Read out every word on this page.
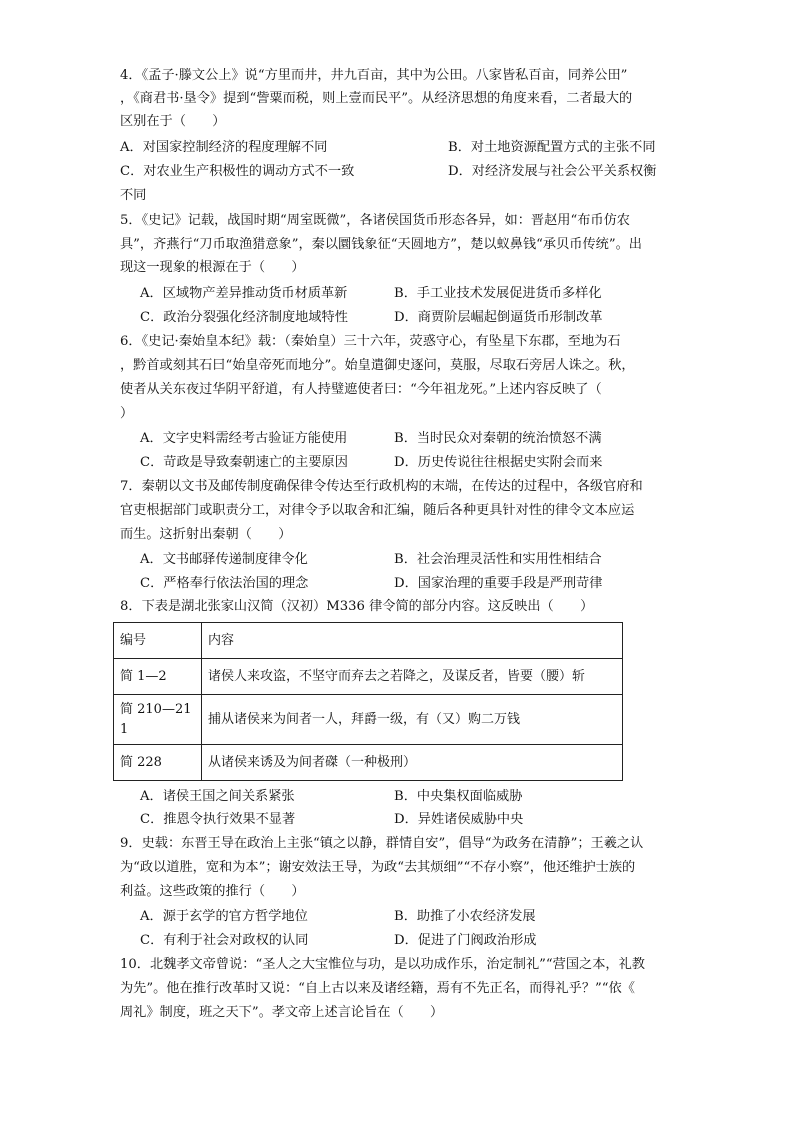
4．《孟子·滕文公上》说“方里而井，井九百亩，其中为公田。八家皆私百亩，同养公田”
，《商君书·垦令》提到“訾粟而税，则上壹而民平”。从经济思想的角度来看，二者最大的
区别在于（　　）
A．对国家控制经济的程度理解不同	B．对土地资源配置方式的主张不同
C．对农业生产积极性的调动方式不一致	D．对经济发展与社会公平关系权衡
不同
5．《史记》记载，战国时期“周室既微”，各诸侯国货币形态各异，如：晋赵用“布币仿农
具”，齐燕行“刀币取渔猎意象”，秦以圜钱象征“天圆地方”，楚以蚁鼻钱“承贝币传统”。出
现这一现象的根源在于（　　）
A．区域物产差异推动货币材质革新	B．手工业技术发展促进货币多样化
C．政治分裂强化经济制度地域特性	D．商贾阶层崛起倒逼货币形制改革
6．《史记·秦始皇本纪》载：（秦始皇）三十六年，荧惑守心，有坠星下东郡，至地为石
，黔首或刻其石曰“始皇帝死而地分”。始皇遣御史逐问，莫服，尽取石旁居人诛之。秋，
使者从关东夜过华阴平舒道，有人持璧遮使者曰：“今年祖龙死。”上述内容反映了（
）
A．文字史料需经考古验证方能使用	B．当时民众对秦朝的统治愤怒不满
C．苛政是导致秦朝速亡的主要原因	D．历史传说往往根据史实附会而来
7．秦朝以文书及邮传制度确保律令传达至行政机构的末端，在传达的过程中，各级官府和
官吏根据部门或职责分工，对律令予以取舍和汇编，随后各种更具针对性的律令文本应运
而生。这折射出秦朝（　　）
A．文书邮驿传递制度律令化	B．社会治理灵活性和实用性相结合
C．严格奉行依法治国的理念	D．国家治理的重要手段是严刑苛律
8．下表是湖北张家山汉简（汉初）M336 律令简的部分内容。这反映出（　　）
编号	内容
简 1—2	诸侯人来攻盗，不坚守而弃去之若降之，及谋反者，皆要（腰）斩
简 210—211	捕从诸侯来为间者一人，拜爵一级，有（又）购二万钱
简 228	从诸侯来诱及为间者磔（一种极刑）
A．诸侯王国之间关系紧张	B．中央集权面临威胁
C．推恩令执行效果不显著	D．异姓诸侯威胁中央
9．史载：东晋王导在政治上主张“镇之以静，群情自安”，倡导“为政务在清静”；王羲之认
为“政以道胜，宽和为本”；谢安效法王导，为政“去其烦细”“不存小察”，他还维护士族的
利益。这些政策的推行（　　）
A．源于玄学的官方哲学地位	B．助推了小农经济发展
C．有利于社会对政权的认同	D．促进了门阀政治形成
10．北魏孝文帝曾说：“圣人之大宝惟位与功，是以功成作乐，治定制礼”“营国之本，礼教
为先”。他在推行改革时又说：“自上古以来及诸经籍，焉有不先正名，而得礼乎？”“依《
周礼》制度，班之天下”。孝文帝上述言论旨在（　　）
